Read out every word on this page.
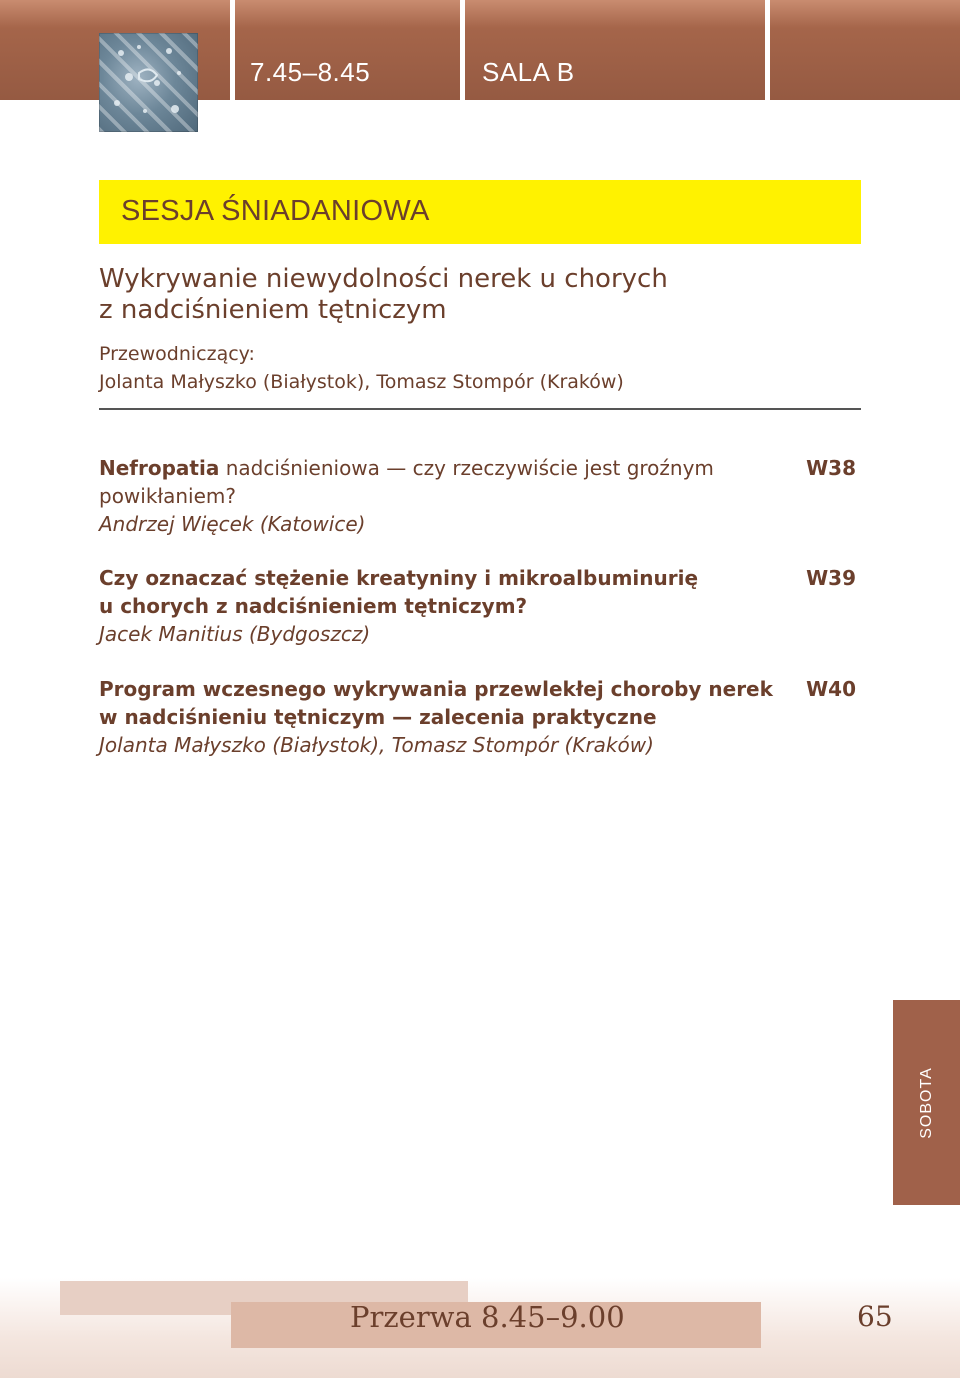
7.45–8.45	SALA B
SESJA ŚNIADANIOWA
Wykrywanie niewydolności nerek u chorych
z nadciśnieniem tętniczym
Przewodniczący:
Jolanta Małyszko (Białystok), Tomasz Stompór (Kraków)
Nefropatia nadciśnieniowa — czy rzeczywiście jest groźnym
powikłaniem?
Andrzej Więcek (Katowice)
W38
Czy oznaczać stężenie kreatyniny i mikroalbuminurię
u chorych z nadciśnieniem tętniczym?
Jacek Manitius (Bydgoszcz)
W39
Program wczesnego wykrywania przewlekłej choroby nerek
w nadciśnieniu tętniczym — zalecenia praktyczne
Jolanta Małyszko (Białystok), Tomasz Stompór (Kraków)
W40
SOBOTA
Przerwa 8.45–9.00	65
